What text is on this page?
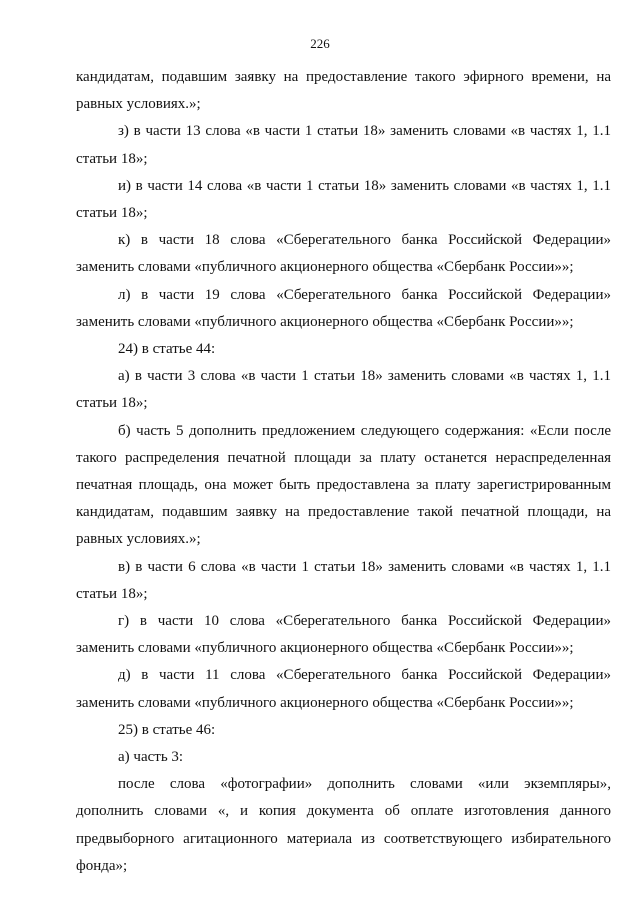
226

кандидатам, подавшим заявку на предоставление такого эфирного времени, на равных условиях.»;

з) в части 13 слова «в части 1 статьи 18» заменить словами «в частях 1, 1.1 статьи 18»;

и) в части 14 слова «в части 1 статьи 18» заменить словами «в частях 1, 1.1 статьи 18»;

к) в части 18 слова «Сберегательного банка Российской Федерации» заменить словами «публичного акционерного общества «Сбербанк России»»;

л) в части 19 слова «Сберегательного банка Российской Федерации» заменить словами «публичного акционерного общества «Сбербанк России»»;

24) в статье 44:

а) в части 3 слова «в части 1 статьи 18» заменить словами «в частях 1, 1.1 статьи 18»;

б) часть 5 дополнить предложением следующего содержания: «Если после такого распределения печатной площади за плату останется нераспределенная печатная площадь, она может быть предоставлена за плату зарегистрированным кандидатам, подавшим заявку на предоставление такой печатной площади, на равных условиях.»;

в) в части 6 слова «в части 1 статьи 18» заменить словами «в частях 1, 1.1 статьи 18»;

г) в части 10 слова «Сберегательного банка Российской Федерации» заменить словами «публичного акционерного общества «Сбербанк России»»;

д) в части 11 слова «Сберегательного банка Российской Федерации» заменить словами «публичного акционерного общества «Сбербанк России»»;

25) в статье 46:

а) часть 3:

после слова «фотографии» дополнить словами «или экземпляры», дополнить словами «, и копия документа об оплате изготовления данного предвыборного агитационного материала из соответствующего избирательного фонда»;
